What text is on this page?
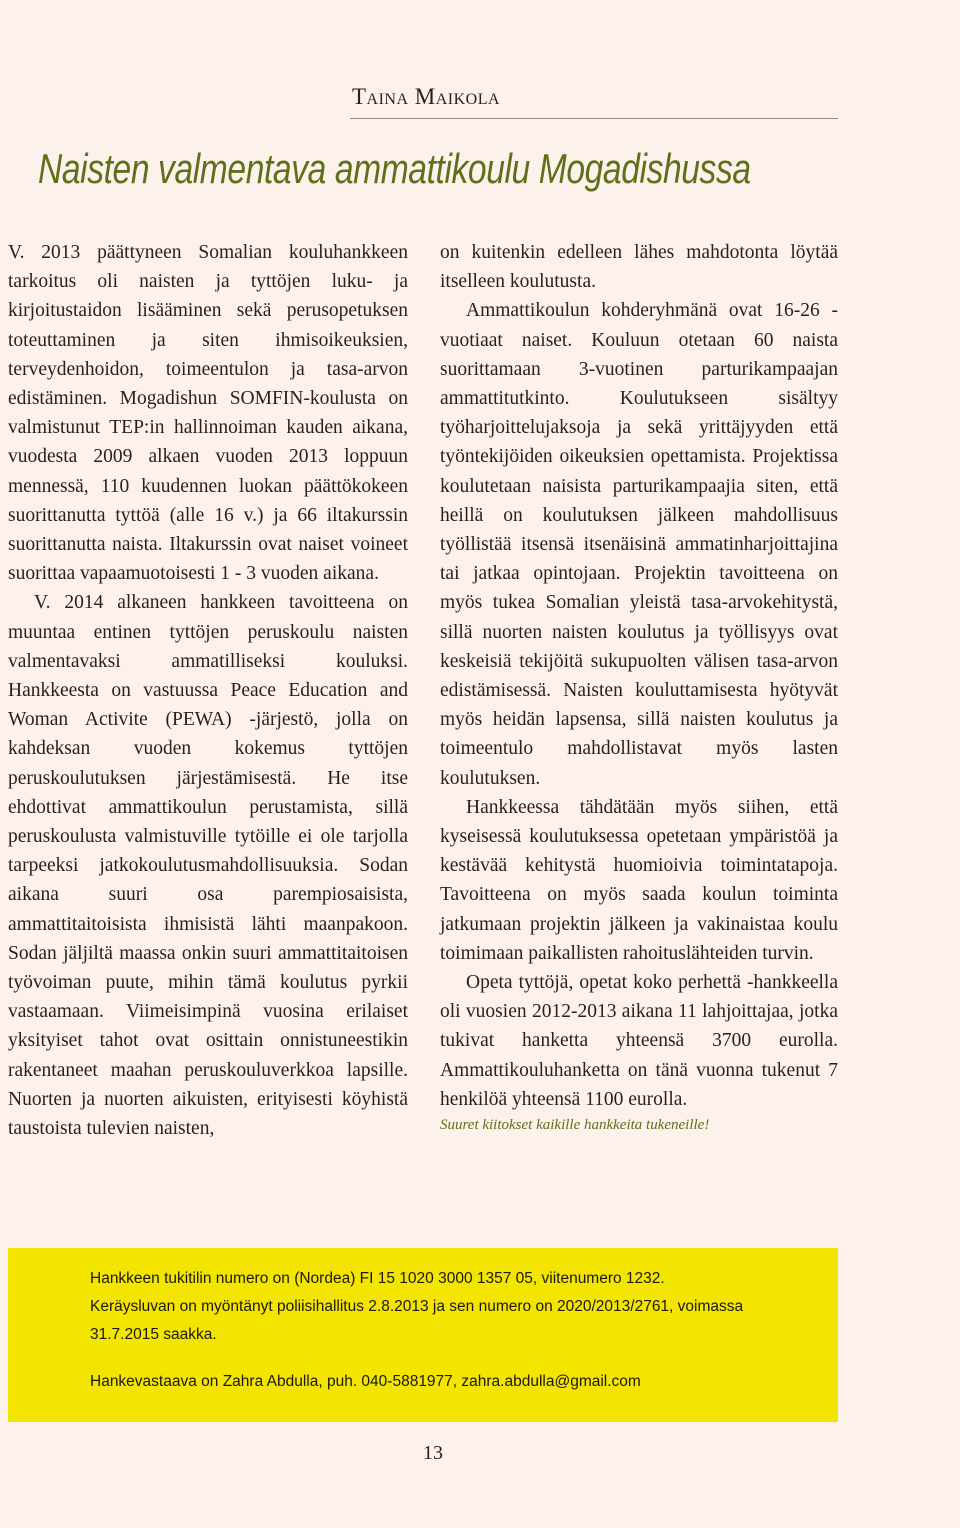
Taina Maikola
Naisten valmentava ammattikoulu Mogadishussa

V. 2013 päättyneen Somalian kouluhankkeen tarkoitus oli naisten ja tyttöjen luku- ja kirjoitustaidon lisääminen sekä perusopetuksen toteuttaminen ja siten ihmisoikeuksien, terveydenhoidon, toimeentulon ja tasa-arvon edistäminen. Mogadishun SOMFIN-koulusta on valmistunut TEP:in hallinnoiman kauden aikana, vuodesta 2009 alkaen vuoden 2013 loppuun mennessä, 110 kuudennen luokan päättökokeen suorittanutta tyttöä (alle 16 v.) ja 66 iltakurssin suorittanutta naista. Iltakurssin ovat naiset voineet suorittaa vapaamuotoisesti 1 - 3 vuoden aikana.

V. 2014 alkaneen hankkeen tavoitteena on muuntaa entinen tyttöjen peruskoulu naisten valmentavaksi ammatilliseksi kouluksi. Hankkeesta on vastuussa Peace Education and Woman Activite (PEWA) -järjestö, jolla on kahdeksan vuoden kokemus tyttöjen peruskoulutuksen järjestämisestä. He itse ehdottivat ammattikoulun perustamista, sillä peruskoulusta valmistuville tytöille ei ole tarjolla tarpeeksi jatkokoulutusmahdollisuuksia. Sodan aikana suuri osa parempiosaisista, ammattitaitoisista ihmisistä lähti maanpakoon. Sodan jäljiltä maassa onkin suuri ammattitaitoisen työvoiman puute, mihin tämä koulutus pyrkii vastaamaan. Viimeisimpinä vuosina erilaiset yksityiset tahot ovat osittain onnistuneestikin rakentaneet maahan peruskouluverkkoa lapsille. Nuorten ja nuorten aikuisten, erityisesti köyhistä taustoista tulevien naisten,

on kuitenkin edelleen lähes mahdotonta löytää itselleen koulutusta.

Ammattikoulun kohderyhmänä ovat 16-26 -vuotiaat naiset. Kouluun otetaan 60 naista suorittamaan 3-vuotinen parturikampaajan ammattitutkinto. Koulutukseen sisältyy työharjoittelujaksoja ja sekä yrittäjyyden että työntekijöiden oikeuksien opettamista. Projektissa koulutetaan naisista parturikampaajia siten, että heillä on koulutuksen jälkeen mahdollisuus työllistää itsensä itsenäisinä ammatinharjoittajina tai jatkaa opintojaan. Projektin tavoitteena on myös tukea Somalian yleistä tasa-arvokehitystä, sillä nuorten naisten koulutus ja työllisyys ovat keskeisiä tekijöitä sukupuolten välisen tasa-arvon edistämisessä. Naisten kouluttamisesta hyötyvät myös heidän lapsensa, sillä naisten koulutus ja toimeentulo mahdollistavat myös lasten koulutuksen.

Hankkeessa tähdätään myös siihen, että kyseisessä koulutuksessa opetetaan ympäristöä ja kestävää kehitystä huomioivia toimintatapoja. Tavoitteena on myös saada koulun toiminta jatkumaan projektin jälkeen ja vakinaistaa koulu toimimaan paikallisten rahoituslähteiden turvin.

Opeta tyttöjä, opetat koko perhettä -hankkeella oli vuosien 2012-2013 aikana 11 lahjoittajaa, jotka tukivat hanketta yhteensä 3700 eurolla. Ammattikouluhanketta on tänä vuonna tukenut 7 henkilöä yhteensä 1100 eurolla.

Suuret kiitokset kaikille hankkeita tukeneille!

Hankkeen tukitilin numero on (Nordea) FI 15 1020 3000 1357 05, viitenumero 1232.

Keräysluvan on myöntänyt poliisihallitus 2.8.2013 ja sen numero on 2020/2013/2761, voimassa 31.7.2015 saakka.

Hankevastaava on Zahra Abdulla, puh. 040-5881977, zahra.abdulla@gmail.com

13
